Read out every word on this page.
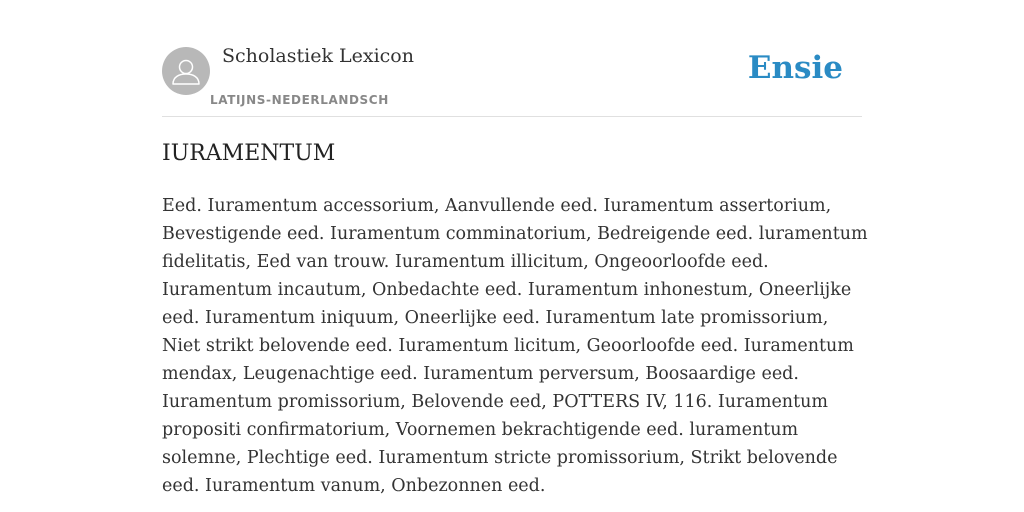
Scholastiek Lexicon
LATIJNS-NEDERLANDSCH
Ensie
IURAMENTUM

Eed. Iuramentum accessorium, Aanvullende eed. Iuramentum assertorium, Bevestigende eed. Iuramentum comminatorium, Bedreigende eed. luramentum fidelitatis, Eed van trouw. Iuramentum illicitum, Ongeoorloofde eed. Iuramentum incautum, Onbedachte eed. Iuramentum inhonestum, Oneerlijke eed. Iuramentum iniquum, Oneerlijke eed. Iuramentum late promissorium, Niet strikt belovende eed. Iuramentum licitum, Geoorloofde eed. Iuramentum mendax, Leugenachtige eed. Iuramentum perversum, Boosaardige eed. Iuramentum promissorium, Belovende eed, POTTERS IV, 116. Iuramentum propositi confirmatorium, Voornemen bekrachtigende eed. luramentum solemne, Plechtige eed. Iuramentum stricte promissorium, Strikt belovende eed. Iuramentum vanum, Onbezonnen eed.
